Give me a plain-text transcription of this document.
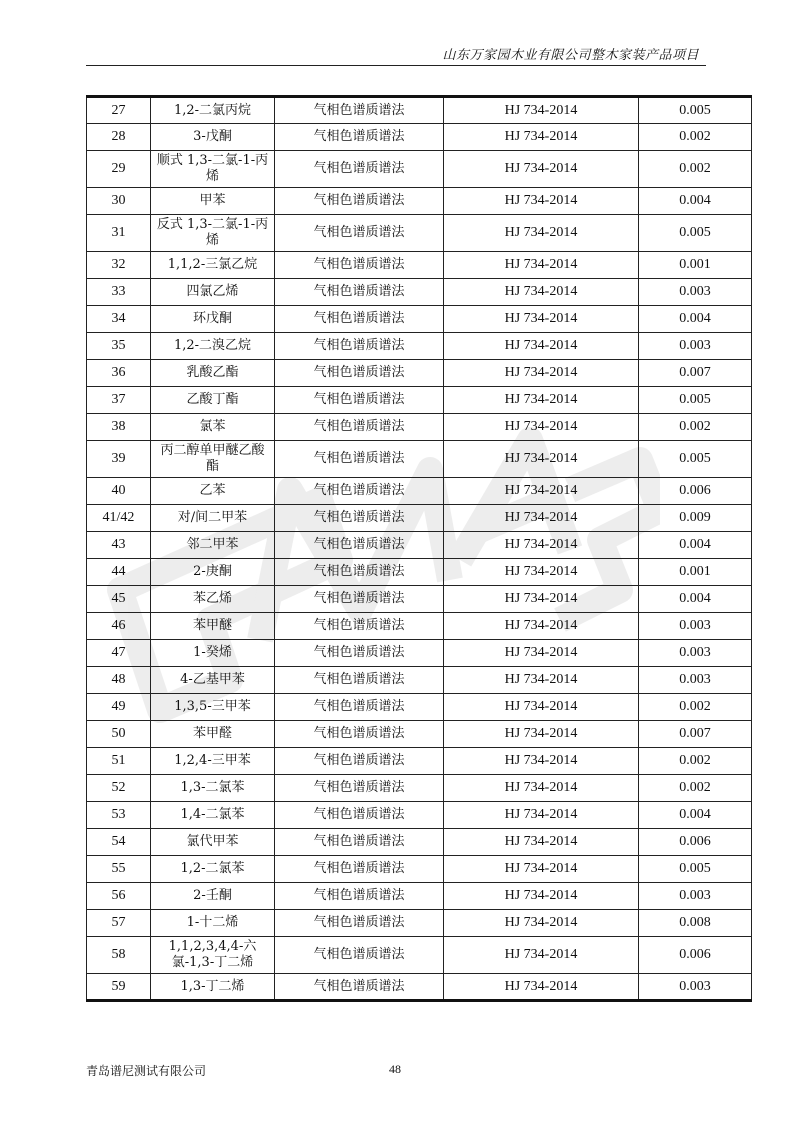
山东万家园木业有限公司整木家装产品项目
27	1,2-二氯丙烷	气相色谱质谱法	HJ 734-2014	0.005
28	3-戊酮	气相色谱质谱法	HJ 734-2014	0.002
29	顺式 1,3-二氯-1-丙烯	气相色谱质谱法	HJ 734-2014	0.002
30	甲苯	气相色谱质谱法	HJ 734-2014	0.004
31	反式 1,3-二氯-1-丙烯	气相色谱质谱法	HJ 734-2014	0.005
32	1,1,2-三氯乙烷	气相色谱质谱法	HJ 734-2014	0.001
33	四氯乙烯	气相色谱质谱法	HJ 734-2014	0.003
34	环戊酮	气相色谱质谱法	HJ 734-2014	0.004
35	1,2-二溴乙烷	气相色谱质谱法	HJ 734-2014	0.003
36	乳酸乙酯	气相色谱质谱法	HJ 734-2014	0.007
37	乙酸丁酯	气相色谱质谱法	HJ 734-2014	0.005
38	氯苯	气相色谱质谱法	HJ 734-2014	0.002
39	丙二醇单甲醚乙酸酯	气相色谱质谱法	HJ 734-2014	0.005
40	乙苯	气相色谱质谱法	HJ 734-2014	0.006
41/42	对/间二甲苯	气相色谱质谱法	HJ 734-2014	0.009
43	邻二甲苯	气相色谱质谱法	HJ 734-2014	0.004
44	2-庚酮	气相色谱质谱法	HJ 734-2014	0.001
45	苯乙烯	气相色谱质谱法	HJ 734-2014	0.004
46	苯甲醚	气相色谱质谱法	HJ 734-2014	0.003
47	1-癸烯	气相色谱质谱法	HJ 734-2014	0.003
48	4-乙基甲苯	气相色谱质谱法	HJ 734-2014	0.003
49	1,3,5-三甲苯	气相色谱质谱法	HJ 734-2014	0.002
50	苯甲醛	气相色谱质谱法	HJ 734-2014	0.007
51	1,2,4-三甲苯	气相色谱质谱法	HJ 734-2014	0.002
52	1,3-二氯苯	气相色谱质谱法	HJ 734-2014	0.002
53	1,4-二氯苯	气相色谱质谱法	HJ 734-2014	0.004
54	氯代甲苯	气相色谱质谱法	HJ 734-2014	0.006
55	1,2-二氯苯	气相色谱质谱法	HJ 734-2014	0.005
56	2-壬酮	气相色谱质谱法	HJ 734-2014	0.003
57	1-十二烯	气相色谱质谱法	HJ 734-2014	0.008
58	1,1,2,3,4,4-六氯-1,3-丁二烯	气相色谱质谱法	HJ 734-2014	0.006
59	1,3-丁二烯	气相色谱质谱法	HJ 734-2014	0.003
青岛谱尼测试有限公司	48
